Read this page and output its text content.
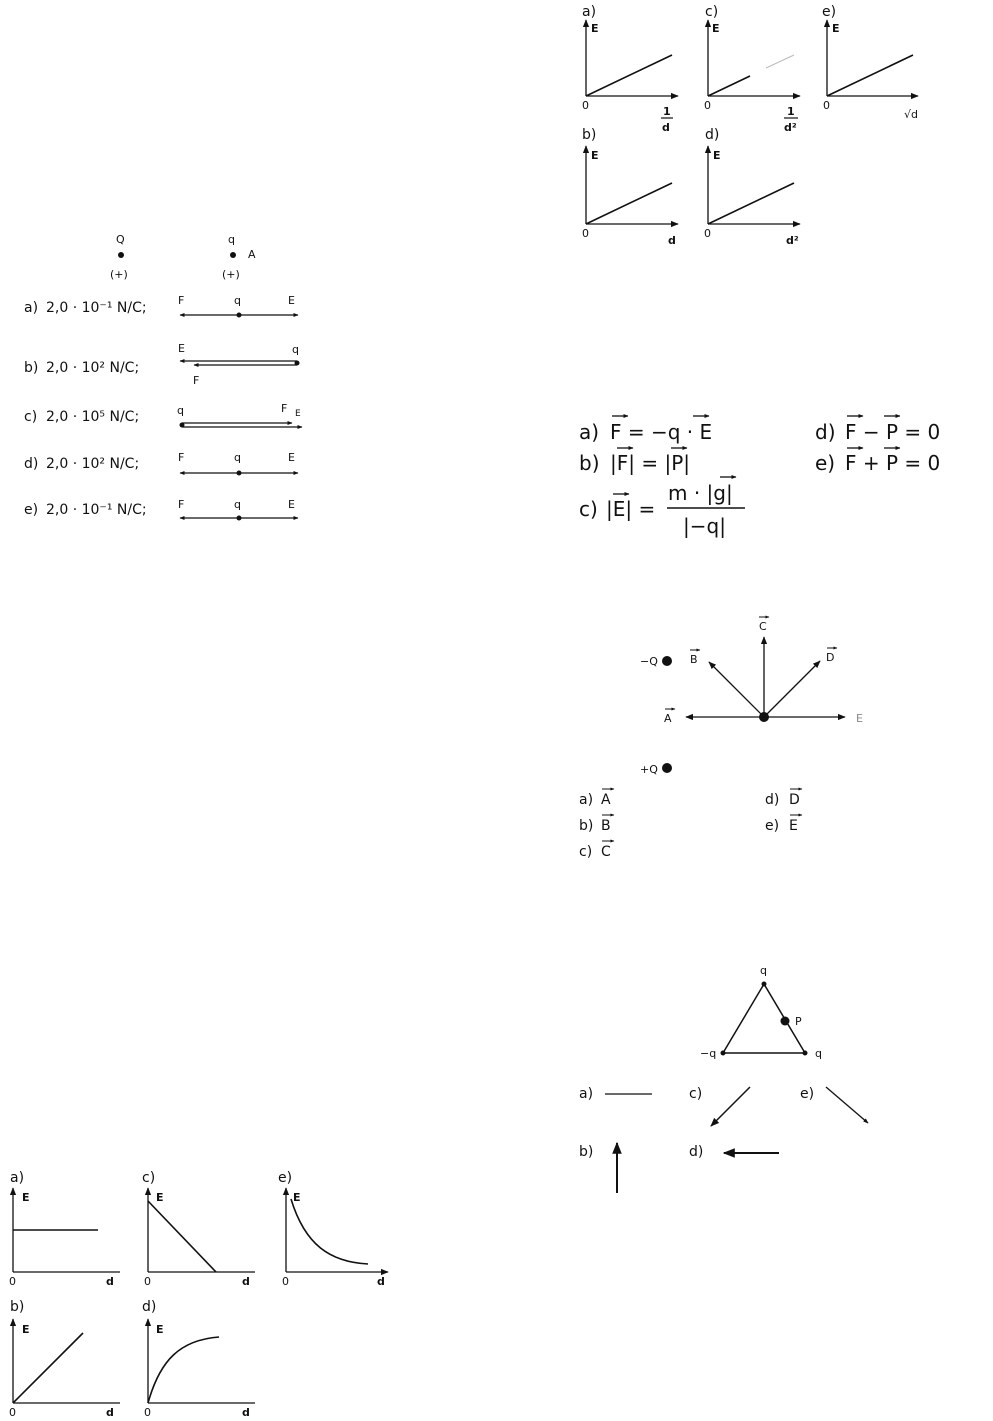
Q
(+)
q
A
(+)
a) 2,0 · 10⁻¹ N/C;	F	q	E
b) 2,0 · 10² N/C;
E	q
F
c) 2,0 · 10⁵ N/C;	q	F E
d) 2,0 · 10² N/C;	F	q	E
e) 2,0 · 10⁻¹ N/C;	F	q	E
a)
E
0	1
d
c)
E
0	1
d²
e)
E
0
√d
b)
E
0
d
d)
E
0
d²
a) F = −q · E
b) |F| = |P|
c) |E| =
m · |g|
|−q|
d) F − P = 0
e) F + P = 0
−Q
+Q
A
B
C
D
E
a) A
b) B
c) C
d) D
e) E
q
−q	q
P
a)	c)	e)
b)	d)
a)
E
0	d
c)
E
0	d
e)
E
0	d
b)
E
0	d
d)
E
0	d
